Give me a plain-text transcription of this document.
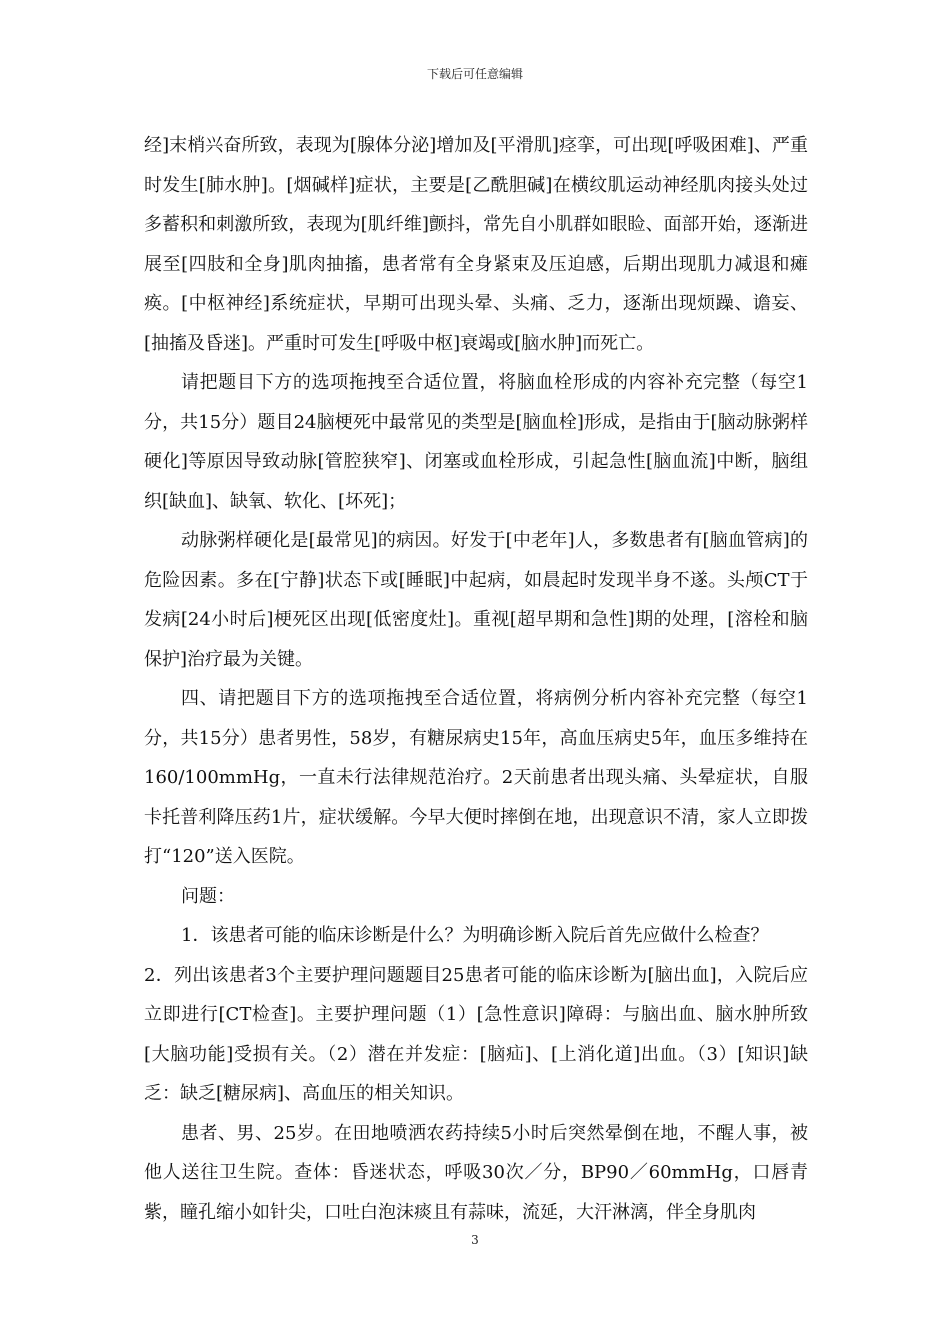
下载后可任意编辑

经]末梢兴奋所致，表现为[腺体分泌]增加及[平滑肌]痉挛，可出现[呼吸困难]、严重时发生[肺水肿]。[烟碱样]症状，主要是[乙酰胆碱]在横纹肌运动神经肌肉接头处过多蓄积和刺激所致，表现为[肌纤维]颤抖，常先自小肌群如眼睑、面部开始，逐渐进展至[四肢和全身]肌肉抽搐，患者常有全身紧束及压迫感，后期出现肌力减退和瘫痪。[中枢神经]系统症状，早期可出现头晕、头痛、乏力，逐渐出现烦躁、谵妄、[抽搐及昏迷]。严重时可发生[呼吸中枢]衰竭或[脑水肿]而死亡。

请把题目下方的选项拖拽至合适位置，将脑血栓形成的内容补充完整（每空1分，共15分）题目24脑梗死中最常见的类型是[脑血栓]形成，是指由于[脑动脉粥样硬化]等原因导致动脉[管腔狭窄]、闭塞或血栓形成，引起急性[脑血流]中断，脑组织[缺血]、缺氧、软化、[坏死]；

动脉粥样硬化是[最常见]的病因。好发于[中老年]人，多数患者有[脑血管病]的危险因素。多在[宁静]状态下或[睡眠]中起病，如晨起时发现半身不遂。头颅CT于发病[24小时后]梗死区出现[低密度灶]。重视[超早期和急性]期的处理，[溶栓和脑保护]治疗最为关键。

四、请把题目下方的选项拖拽至合适位置，将病例分析内容补充完整（每空1分，共15分）患者男性，58岁，有糖尿病史15年，高血压病史5年，血压多维持在160/100mmHg，一直未行法律规范治疗。2天前患者出现头痛、头晕症状，自服卡托普利降压药1片，症状缓解。今早大便时摔倒在地，出现意识不清，家人立即拨打“120”送入医院。

问题：

1．该患者可能的临床诊断是什么？为明确诊断入院后首先应做什么检查？

2．列出该患者3个主要护理问题题目25患者可能的临床诊断为[脑出血]，入院后应立即进行[CT检查]。主要护理问题（1）[急性意识]障碍：与脑出血、脑水肿所致[大脑功能]受损有关。（2）潜在并发症：[脑疝]、[上消化道]出血。（3）[知识]缺乏：缺乏[糖尿病]、高血压的相关知识。

患者、男、25岁。在田地喷洒农药持续5小时后突然晕倒在地，不醒人事，被他人送往卫生院。查体：昏迷状态，呼吸30次／分，BP90／60mmHg，口唇青紫，瞳孔缩小如针尖，口吐白泡沫痰且有蒜味，流延，大汗淋漓，伴全身肌肉

3
